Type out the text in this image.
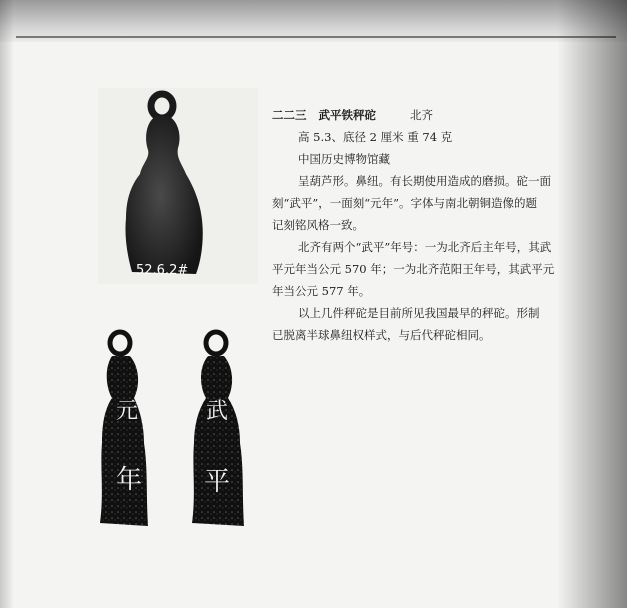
52.6.2#
元
年
武
平
二二三 武平铁秤砣	北齐
高 5.3、底径 2 厘米 重 74 克
中国历史博物馆藏
呈葫芦形。鼻纽。有长期使用造成的磨损。砣一面
刻“武平”，一面刻“元年”。字体与南北朝铜造像的题
记刻铭风格一致。
北齐有两个“武平”年号：一为北齐后主年号，其武
平元年当公元 570 年；一为北齐范阳王年号，其武平元
年当公元 577 年。
以上几件秤砣是目前所见我国最早的秤砣。形制
已脱离半球鼻纽权样式，与后代秤砣相同。
